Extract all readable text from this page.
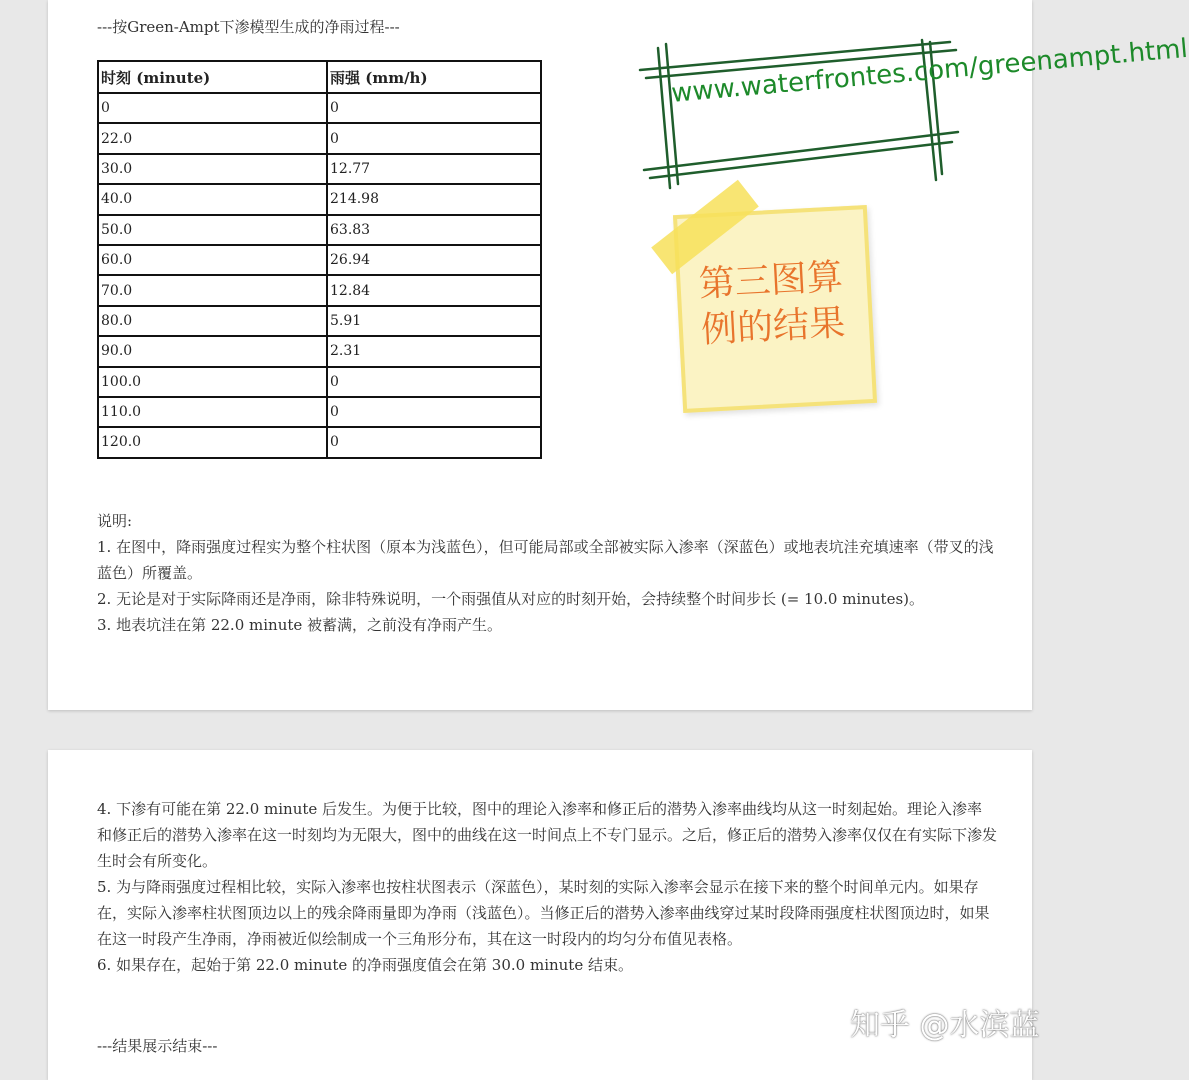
---按Green-Ampt下渗模型生成的净雨过程---
时刻 (minute)	雨强 (mm/h)
0	0
22.0	0
30.0	12.77
40.0	214.98
50.0	63.83
60.0	26.94
70.0	12.84
80.0	5.91
90.0	2.31
100.0	0
110.0	0
120.0	0

说明:

1. 在图中，降雨强度过程实为整个柱状图（原本为浅蓝色），但可能局部或全部被实际入渗率（深蓝色）或地表坑洼充填速率（带叉的浅蓝色）所覆盖。

2. 无论是对于实际降雨还是净雨，除非特殊说明，一个雨强值从对应的时刻开始，会持续整个时间步长 (= 10.0 minutes)。

3. 地表坑洼在第 22.0 minute 被蓄满，之前没有净雨产生。

4. 下渗有可能在第 22.0 minute 后发生。为便于比较，图中的理论入渗率和修正后的潜势入渗率曲线均从这一时刻起始。理论入渗率和修正后的潜势入渗率在这一时刻均为无限大，图中的曲线在这一时间点上不专门显示。之后，修正后的潜势入渗率仅仅在有实际下渗发生时会有所变化。

5. 为与降雨强度过程相比较，实际入渗率也按柱状图表示（深蓝色），某时刻的实际入渗率会显示在接下来的整个时间单元内。如果存在，实际入渗率柱状图顶边以上的残余降雨量即为净雨（浅蓝色）。当修正后的潜势入渗率曲线穿过某时段降雨强度柱状图顶边时，如果在这一时段产生净雨，净雨被近似绘制成一个三角形分布，其在这一时段内的均匀分布值见表格。

6. 如果存在，起始于第 22.0 minute 的净雨强度值会在第 30.0 minute 结束。

---结果展示结束---
www.waterfrontes.com/greenampt.html
第三图算例的结果
知乎 @水滨蓝
